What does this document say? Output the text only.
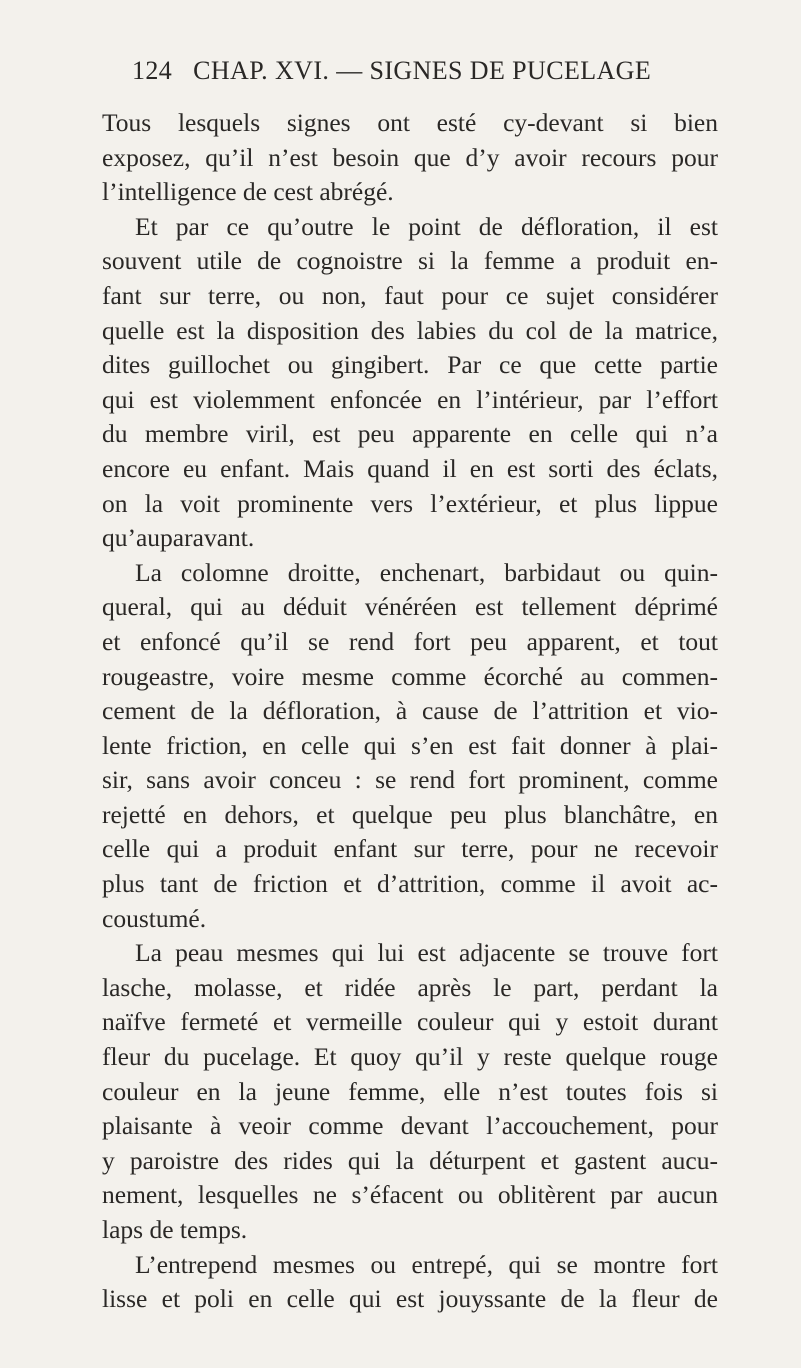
124 CHAP. XVI. — SIGNES DE PUCELAGE
Tous lesquels signes ont esté cy-devant si bien
exposez, qu’il n’est besoin que d’y avoir recours pour
l’intelligence de cest abrégé.
Et par ce qu’outre le point de défloration, il est
souvent utile de cognoistre si la femme a produit en-
fant sur terre, ou non, faut pour ce sujet considérer
quelle est la disposition des labies du col de la matrice,
dites guillochet ou gingibert. Par ce que cette partie
qui est violemment enfoncée en l’intérieur, par l’effort
du membre viril, est peu apparente en celle qui n’a
encore eu enfant. Mais quand il en est sorti des éclats,
on la voit prominente vers l’extérieur, et plus lippue
qu’auparavant.
La colomne droitte, enchenart, barbidaut ou quin-
queral, qui au déduit vénéréen est tellement déprimé
et enfoncé qu’il se rend fort peu apparent, et tout
rougeastre, voire mesme comme écorché au commen-
cement de la défloration, à cause de l’attrition et vio-
lente friction, en celle qui s’en est fait donner à plai-
sir, sans avoir conceu : se rend fort prominent, comme
rejetté en dehors, et quelque peu plus blanchâtre, en
celle qui a produit enfant sur terre, pour ne recevoir
plus tant de friction et d’attrition, comme il avoit ac-
coustumé.
La peau mesmes qui lui est adjacente se trouve fort
lasche, molasse, et ridée après le part, perdant la
naïfve fermeté et vermeille couleur qui y estoit durant
fleur du pucelage. Et quoy qu’il y reste quelque rouge
couleur en la jeune femme, elle n’est toutes fois si
plaisante à veoir comme devant l’accouchement, pour
y paroistre des rides qui la déturpent et gastent aucu-
nement, lesquelles ne s’éfacent ou oblitèrent par aucun
laps de temps.
L’entrepend mesmes ou entrepé, qui se montre fort
lisse et poli en celle qui est jouyssante de la fleur de
